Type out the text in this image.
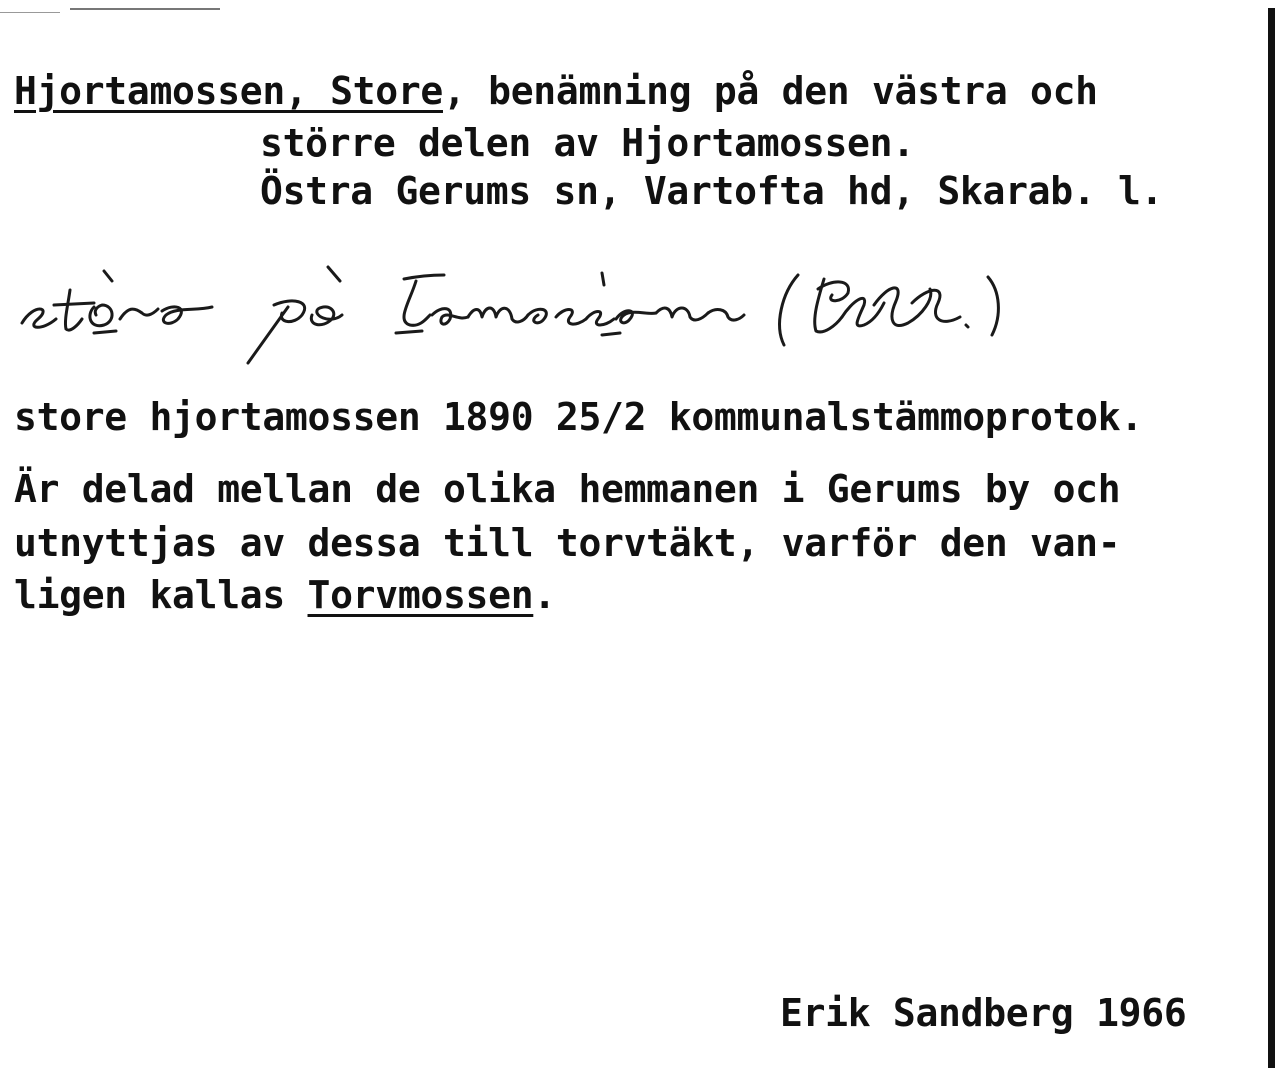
Hjortamossen, Store, benämning på den västra och
större delen av Hjortamossen.
Östra Gerums sn, Vartofta hd, Skarab. l.
store hjortamossen 1890 25/2 kommunalstämmoprotok.
Är delad mellan de olika hemmanen i Gerums by och
utnyttjas av dessa till torvtäkt, varför den van-
ligen kallas Torvmossen.
Erik Sandberg 1966
